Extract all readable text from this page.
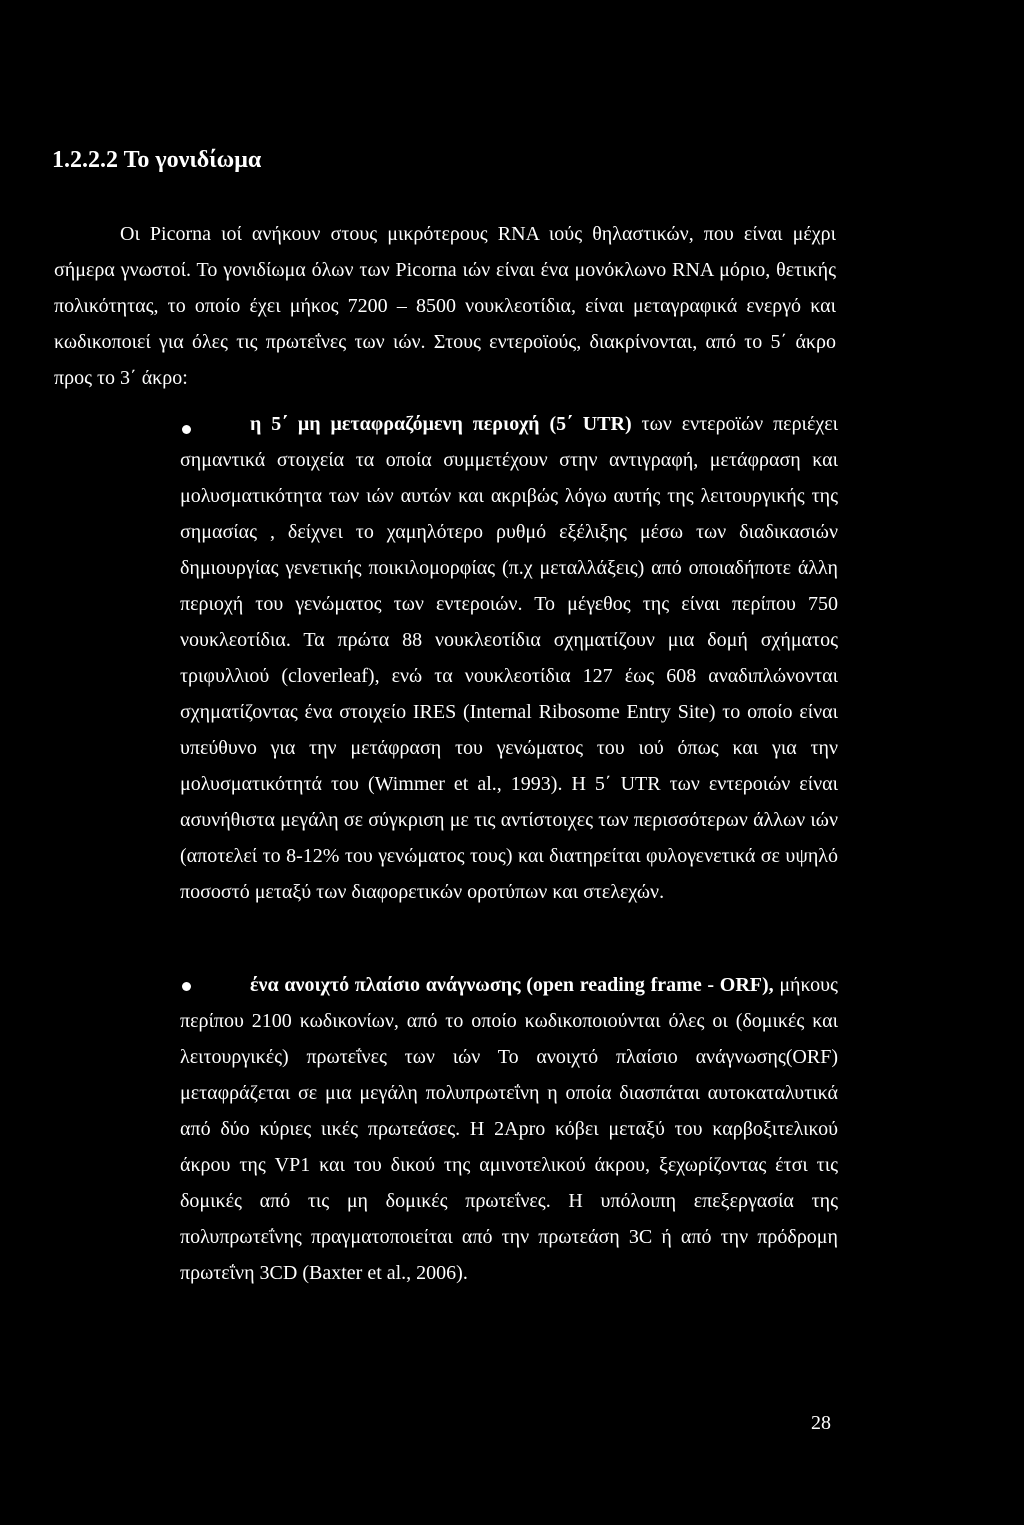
1.2.2.2 Το γονιδίωμα

Οι Picorna ιοί ανήκουν στους μικρότερους RNA ιούς θηλαστικών, που είναι μέχρι σήμερα γνωστοί. Το γονιδίωμα όλων των Picorna ιών είναι ένα μονόκλωνο RNA μόριο, θετικής πολικότητας, το οποίο έχει μήκος 7200 – 8500 νουκλεοτίδια, είναι μεταγραφικά ενεργό και κωδικοποιεί για όλες τις πρωτεΐνες των ιών. Στους εντεροϊούς, διακρίνονται, από το 5΄ άκρο προς το 3΄ άκρο:

η 5΄ μη μεταφραζόμενη περιοχή (5΄ UTR) των εντεροϊών περιέχει σημαντικά στοιχεία τα οποία συμμετέχουν στην αντιγραφή, μετάφραση και μολυσματικότητα των ιών αυτών και ακριβώς λόγω αυτής της λειτουργικής της σημασίας , δείχνει το χαμηλότερο ρυθμό εξέλιξης μέσω των διαδικασιών δημιουργίας γενετικής ποικιλομορφίας (π.χ μεταλλάξεις) από οποιαδήποτε άλλη περιοχή του γενώματος των εντεροιών. Το μέγεθος της είναι περίπου 750 νουκλεοτίδια. Τα πρώτα 88 νουκλεοτίδια σχηματίζουν μια δομή σχήματος τριφυλλιού (cloverleaf), ενώ τα νουκλεοτίδια 127 έως 608 αναδιπλώνονται σχηματίζοντας ένα στοιχείο IRES (Internal Ribosome Entry Site) το οποίο είναι υπεύθυνο για την μετάφραση του γενώματος του ιού όπως και για την μολυσματικότητά του (Wimmer et al., 1993). Η 5΄ UTR των εντεροιών είναι ασυνήθιστα μεγάλη σε σύγκριση με τις αντίστοιχες των περισσότερων άλλων ιών (αποτελεί το 8-12% του γενώματος τους) και διατηρείται φυλογενετικά σε υψηλό ποσοστό μεταξύ των διαφορετικών οροτύπων και στελεχών.

ένα ανοιχτό πλαίσιο ανάγνωσης (open reading frame - ORF), μήκους περίπου 2100 κωδικονίων, από το οποίο κωδικοποιούνται όλες οι (δομικές και λειτουργικές) πρωτεΐνες των ιών Το ανοιχτό πλαίσιο ανάγνωσης(ORF) μεταφράζεται σε μια μεγάλη πολυπρωτεΐνη η οποία διασπάται αυτοκαταλυτικά από δύο κύριες ιικές πρωτεάσες. Η 2Apro κόβει μεταξύ του καρβοξιτελικού άκρου της VP1 και του δικού της αμινοτελικού άκρου, ξεχωρίζοντας έτσι τις δομικές από τις μη δομικές πρωτεΐνες. Η υπόλοιπη επεξεργασία της πολυπρωτεΐνης πραγματοποιείται από την πρωτεάση 3C ή από την πρόδρομη πρωτεΐνη 3CD (Baxter et al., 2006).

28
